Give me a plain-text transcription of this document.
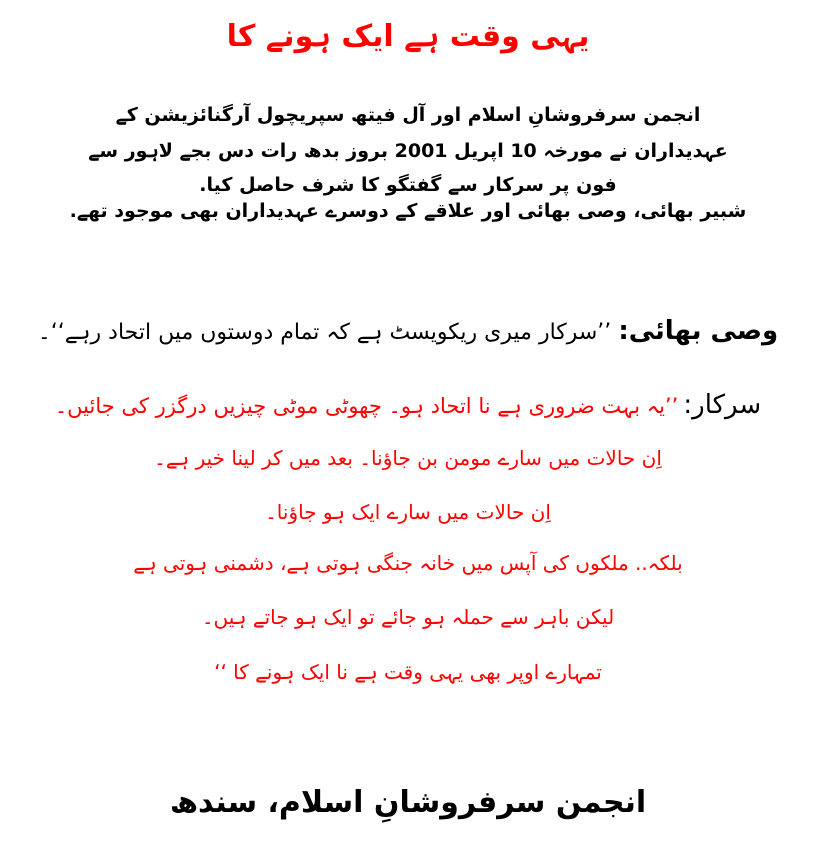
یہی وقت ہے ایک ہونے کا
انجمن سرفروشانِ اسلام اور آل فیتھ سپریچول آرگنائزیشن کے
عہدیداران نے مورخہ 10 اپریل 2001 بروز بدھ رات دس بجے لاہور سے
فون پر سرکار سے گفتگو کا شرف حاصل کیا.
شبیر بھائی، وصی بھائی اور علاقے کے دوسرے عہدیداران بھی موجود تھے.
وصی بھائی: ’’سرکار میری ریکویسٹ ہے کہ تمام دوستوں میں اتحاد رہے‘‘۔
سرکار: ’’یہ بہت ضروری ہے نا اتحاد ہو۔ چھوٹی موٹی چیزیں درگزر کی جائیں۔
اِن حالات میں سارے مومن بن جاؤنا۔ بعد میں کر لینا خیر ہے۔
اِن حالات میں سارے ایک ہو جاؤنا۔
بلکہ.. ملکوں کی آپس میں خانہ جنگی ہوتی ہے، دشمنی ہوتی ہے
لیکن باہر سے حملہ ہو جائے تو ایک ہو جاتے ہیں۔
تمہارے اوپر بھی یہی وقت ہے نا ایک ہونے کا ‘‘
انجمن سرفروشانِ اسلام، سندھ
